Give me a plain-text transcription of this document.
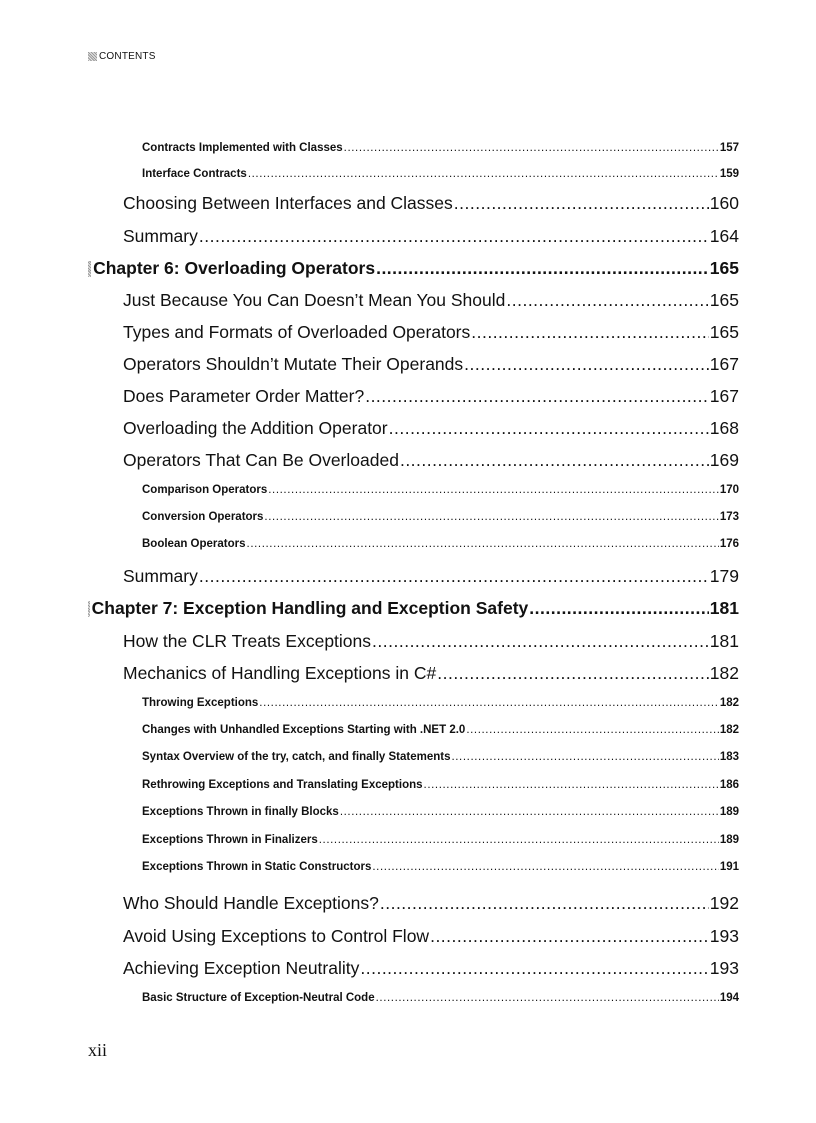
CONTENTS
Contracts Implemented with Classes .....	157
Interface Contracts .....	159
Choosing Between Interfaces and Classes .....	160
Summary .....	164
Chapter 6: Overloading Operators .....	165
Just Because You Can Doesn’t Mean You Should .....	165
Types and Formats of Overloaded Operators .....	165
Operators Shouldn’t Mutate Their Operands .....	167
Does Parameter Order Matter? .....	167
Overloading the Addition Operator .....	168
Operators That Can Be Overloaded .....	169
Comparison Operators .....	170
Conversion Operators .....	173
Boolean Operators .....	176
Summary .....	179
Chapter 7: Exception Handling and Exception Safety .....	181
How the CLR Treats Exceptions .....	181
Mechanics of Handling Exceptions in C# .....	182
Throwing Exceptions .....	182
Changes with Unhandled Exceptions Starting with .NET 2.0 .....	182
Syntax Overview of the try, catch, and finally Statements .....	183
Rethrowing Exceptions and Translating Exceptions .....	186
Exceptions Thrown in finally Blocks .....	189
Exceptions Thrown in Finalizers .....	189
Exceptions Thrown in Static Constructors .....	191
Who Should Handle Exceptions? .....	192
Avoid Using Exceptions to Control Flow .....	193
Achieving Exception Neutrality .....	193
Basic Structure of Exception-Neutral Code .....	194
xii
